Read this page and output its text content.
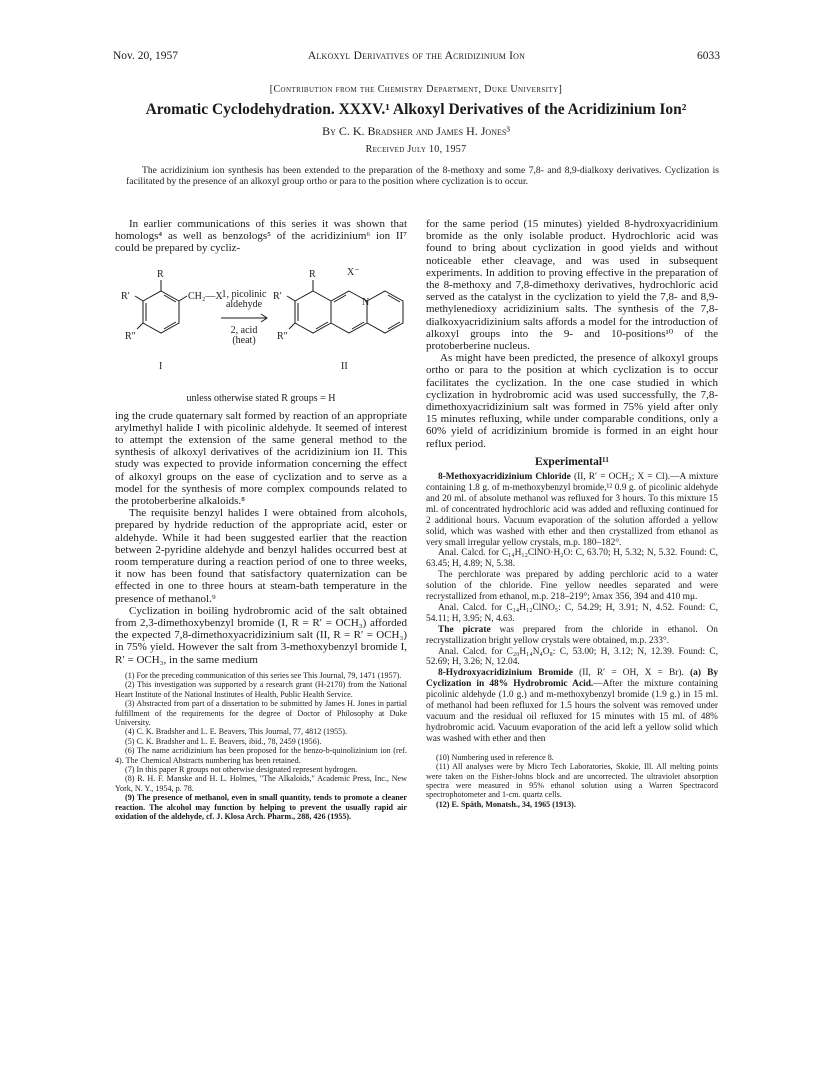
Nov. 20, 1957	Alkoxyl Derivatives of the Acridizinium Ion	6033
[Contribution from the Chemistry Department, Duke University]
Aromatic Cyclodehydration. XXXV.¹ Alkoxyl Derivatives of the Acridizinium Ion²
By C. K. Bradsher and James H. Jones³
Received July 10, 1957
The acridizinium ion synthesis has been extended to the preparation of the 8-methoxy and some 7,8- and 8,9-dialkoxy derivatives. Cyclization is facilitated by the presence of an alkoxyl group ortho or para to the position where cyclization is to occur.

In earlier communications of this series it was shown that homologs⁴ as well as benzologs⁵ of the acridizinium⁶ ion II⁷ could be prepared by cycliz-

R
R′	CH₂—X
R″
1, picolinic
aldehyde
2, acid
(heat)
R	X⁻
R′
R″
N
I	II
unless otherwise stated R groups = H

ing the crude quaternary salt formed by reaction of an appropriate arylmethyl halide I with picolinic aldehyde. It seemed of interest to attempt the extension of the same general method to the synthesis of alkoxyl derivatives of the acridizinium ion II. This study was expected to provide information concerning the effect of alkoxyl groups on the ease of cyclization and to serve as a model for the synthesis of more complex compounds related to the protoberberine alkaloids.⁸

The requisite benzyl halides I were obtained from alcohols, prepared by hydride reduction of the appropriate acid, ester or aldehyde. While it had been suggested earlier that the reaction between 2-pyridine aldehyde and benzyl halides occurred best at room temperature during a reaction period of one to three weeks, it now has been found that satisfactory quaternization can be effected in one to three hours at steam-bath temperature in the presence of methanol.⁹

Cyclization in boiling hydrobromic acid of the salt obtained from 2,3-dimethoxybenzyl bromide (I, R = R′ = OCH₃) afforded the expected 7,8-dimethoxyacridizinium salt (II, R = R′ = OCH₃) in 75% yield. However the salt from 3-methoxybenzyl bromide I, R′ = OCH₃, in the same medium

(1) For the preceding communication of this series see This Journal, 79, 1471 (1957).

(2) This investigation was supported by a research grant (H-2170) from the National Heart Institute of the National Institutes of Health, Public Health Service.

(3) Abstracted from part of a dissertation to be submitted by James H. Jones in partial fulfillment of the requirements for the degree of Doctor of Philosophy at Duke University.

(4) C. K. Bradsher and L. E. Beavers, This Journal, 77, 4812 (1955).

(5) C. K. Bradsher and L. E. Beavers, ibid., 78, 2459 (1956).

(6) The name acridizinium has been proposed for the benzo-b-quinolizinium ion (ref. 4). The Chemical Abstracts numbering has been retained.

(7) In this paper R groups not otherwise designated represent hydrogen.

(8) R. H. F. Manske and H. L. Holmes, "The Alkaloids," Academic Press, Inc., New York, N. Y., 1954, p. 78.

(9) The presence of methanol, even in small quantity, tends to promote a cleaner reaction. The alcohol may function by helping to prevent the usually rapid air oxidation of the aldehyde, cf. J. Klosa Arch. Pharm., 288, 426 (1955).

for the same period (15 minutes) yielded 8-hydroxyacridinium bromide as the only isolable product. Hydrochloric acid was found to bring about cyclization in good yields and without noticeable ether cleavage, and was used in subsequent experiments. In addition to proving effective in the preparation of the 8-methoxy and 7,8-dimethoxy derivatives, hydrochloric acid served as the catalyst in the cyclization to yield the 7,8- and 8,9-methylenedioxy acridizinium salts. The synthesis of the 7,8-dialkoxyacridizinium salts affords a model for the introduction of alkoxyl groups into the 9- and 10-positions¹⁰ of the protoberberine nucleus.

As might have been predicted, the presence of alkoxyl groups ortho or para to the position at which cyclization is to occur facilitates the cyclization. In the one case studied in which cyclization in hydrobromic acid was used successfully, the 7,8-dimethoxyacridizinium salt was formed in 75% yield after only 15 minutes refluxing, while under comparable conditions, only a 60% yield of acridizinium bromide is formed in an eight hour reflux period.

Experimental¹¹

8-Methoxyacridizinium Chloride (II, R′ = OCH₃; X = Cl).—A mixture containing 1.8 g. of m-methoxybenzyl bromide,¹² 0.9 g. of picolinic aldehyde and 20 ml. of absolute methanol was refluxed for 3 hours. To this mixture 15 ml. of concentrated hydrochloric acid was added and refluxing continued for 2 additional hours. Vacuum evaporation of the solution afforded a yellow solid, which was washed with ether and then crystallized from ethanol as very small irregular yellow crystals, m.p. 180–182°.

Anal. Calcd. for C₁₄H₁₂ClNO·H₂O: C, 63.70; H, 5.32; N, 5.32. Found: C, 63.45; H, 4.89; N, 5.38.

The perchlorate was prepared by adding perchloric acid to a water solution of the chloride. Fine yellow needles separated and were recrystallized from ethanol, m.p. 218–219°; λmax 356, 394 and 410 mμ.

Anal. Calcd. for C₁₄H₁₂ClNO₅: C, 54.29; H, 3.91; N, 4.52. Found: C, 54.11; H, 3.95; N, 4.63.

The picrate was prepared from the chloride in ethanol. On recrystallization bright yellow crystals were obtained, m.p. 233°.

Anal. Calcd. for C₂₀H₁₄N₄O₈: C, 53.00; H, 3.12; N, 12.39. Found: C, 52.69; H, 3.26; N, 12.04.

8-Hydroxyacridizinium Bromide (II, R′ = OH, X = Br). (a) By Cyclization in 48% Hydrobromic Acid.—After the mixture containing picolinic aldehyde (1.0 g.) and m-methoxybenzyl bromide (1.9 g.) in 15 ml. of methanol had been refluxed for 1.5 hours the solvent was removed under vacuum and the residual oil refluxed for 15 minutes with 15 ml. of 48% hydrobromic acid. Vacuum evaporation of the acid left a yellow solid which was washed with ether and then

(10) Numbering used in reference 8.

(11) All analyses were by Micro Tech Laboratories, Skokie, Ill. All melting points were taken on the Fisher-Johns block and are uncorrected. The ultraviolet absorption spectra were measured in 95% ethanol solution using a Warren Spectracord spectrophotometer and 1-cm. quartz cells.

(12) E. Späth, Monatsh., 34, 1965 (1913).
